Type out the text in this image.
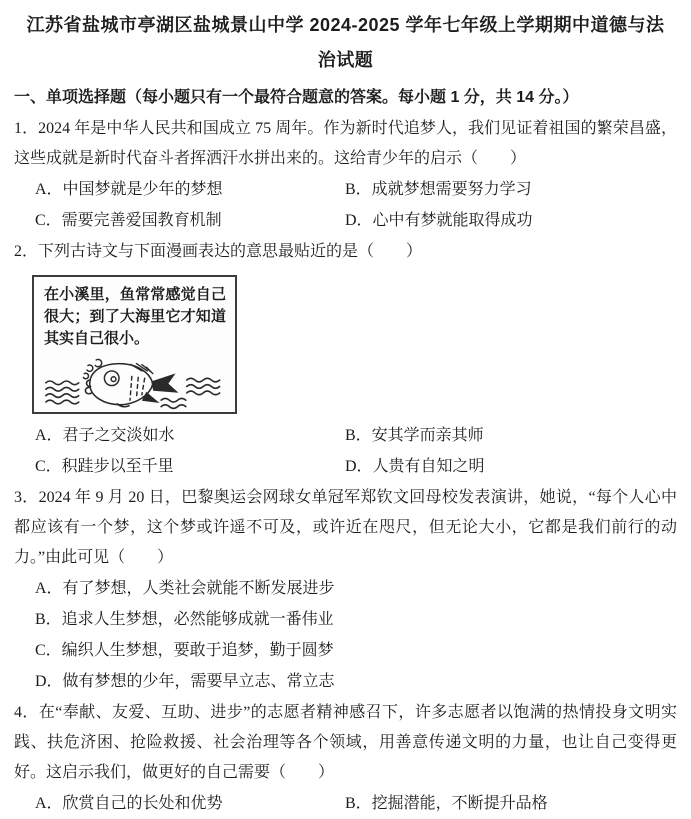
江苏省盐城市亭湖区盐城景山中学 2024-2025 学年七年级上学期期中道德与法治试题
一、单项选择题（每小题只有一个最符合题意的答案。每小题 1 分，共 14 分。）

1．2024 年是中华人民共和国成立 75 周年。作为新时代追梦人，我们见证着祖国的繁荣昌盛，这些成就是新时代奋斗者挥洒汗水拼出来的。这给青少年的启示（　　）

A．中国梦就是少年的梦想	B．成就梦想需要努力学习
C．需要完善爱国教育机制	D．心中有梦就能取得成功

2．下列古诗文与下面漫画表达的意思最贴近的是（　　）

在小溪里，鱼常常感觉自己很大；到了大海里它才知道其实自己很小。

A．君子之交淡如水	B．安其学而亲其师
C．积跬步以至千里	D．人贵有自知之明

3．2024 年 9 月 20 日，巴黎奥运会网球女单冠军郑钦文回母校发表演讲，她说，“每个人心中都应该有一个梦，这个梦或许遥不可及，或许近在咫尺，但无论大小，它都是我们前行的动力。”由此可见（　　）

A．有了梦想，人类社会就能不断发展进步
B．追求人生梦想，必然能够成就一番伟业
C．编织人生梦想，要敢于追梦，勤于圆梦
D．做有梦想的少年，需要早立志、常立志

4．在“奉献、友爱、互助、进步”的志愿者精神感召下，许多志愿者以饱满的热情投身文明实践、扶危济困、抢险救援、社会治理等各个领域，用善意传递文明的力量，也让自己变得更好。这启示我们，做更好的自己需要（　　）

A．欣赏自己的长处和优势	B．挖掘潜能，不断提升品格
